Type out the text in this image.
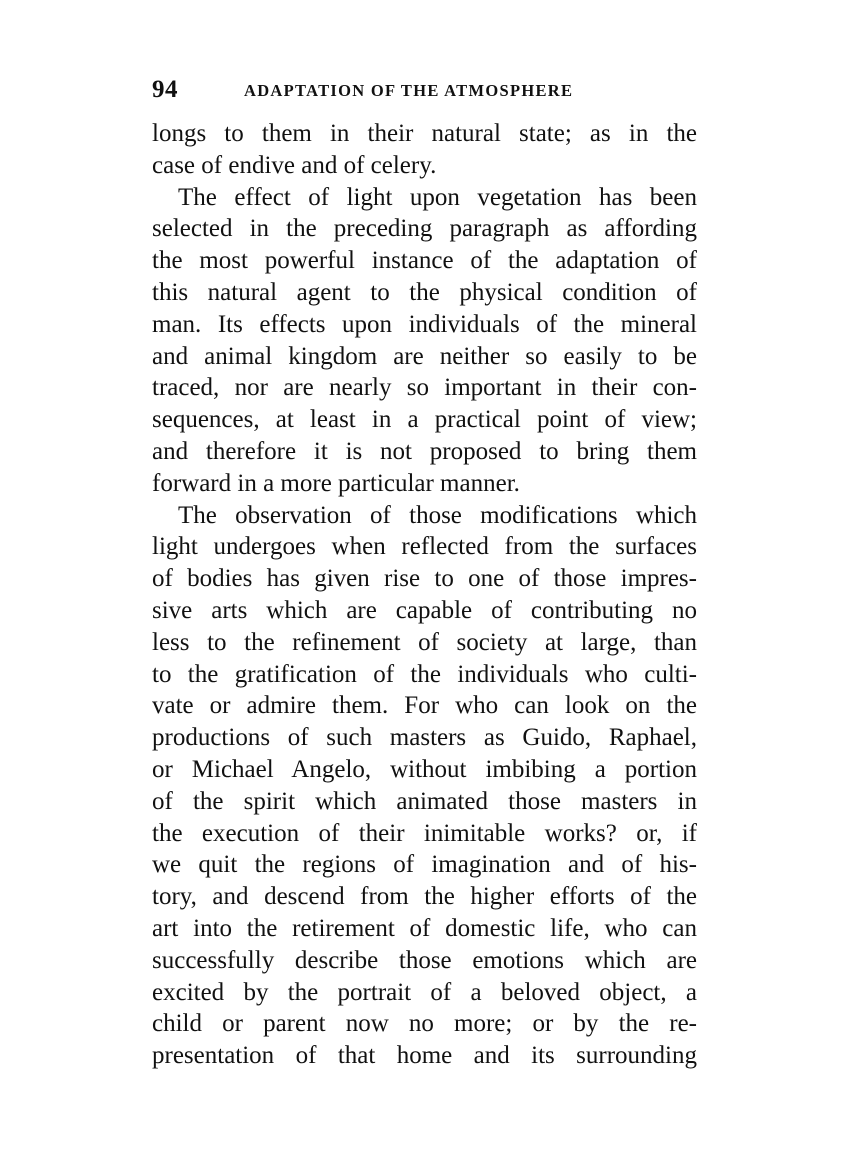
94	ADAPTATION OF THE ATMOSPHERE
longs to them in their natural state; as in the
case of endive and of celery.
The effect of light upon vegetation has been
selected in the preceding paragraph as affording
the most powerful instance of the adaptation of
this natural agent to the physical condition of
man. Its effects upon individuals of the mineral
and animal kingdom are neither so easily to be
traced, nor are nearly so important in their con-
sequences, at least in a practical point of view;
and therefore it is not proposed to bring them
forward in a more particular manner.
The observation of those modifications which
light undergoes when reflected from the surfaces
of bodies has given rise to one of those impres-
sive arts which are capable of contributing no
less to the refinement of society at large, than
to the gratification of the individuals who culti-
vate or admire them. For who can look on the
productions of such masters as Guido, Raphael,
or Michael Angelo, without imbibing a portion
of the spirit which animated those masters in
the execution of their inimitable works? or, if
we quit the regions of imagination and of his-
tory, and descend from the higher efforts of the
art into the retirement of domestic life, who can
successfully describe those emotions which are
excited by the portrait of a beloved object, a
child or parent now no more; or by the re-
presentation of that home and its surrounding
